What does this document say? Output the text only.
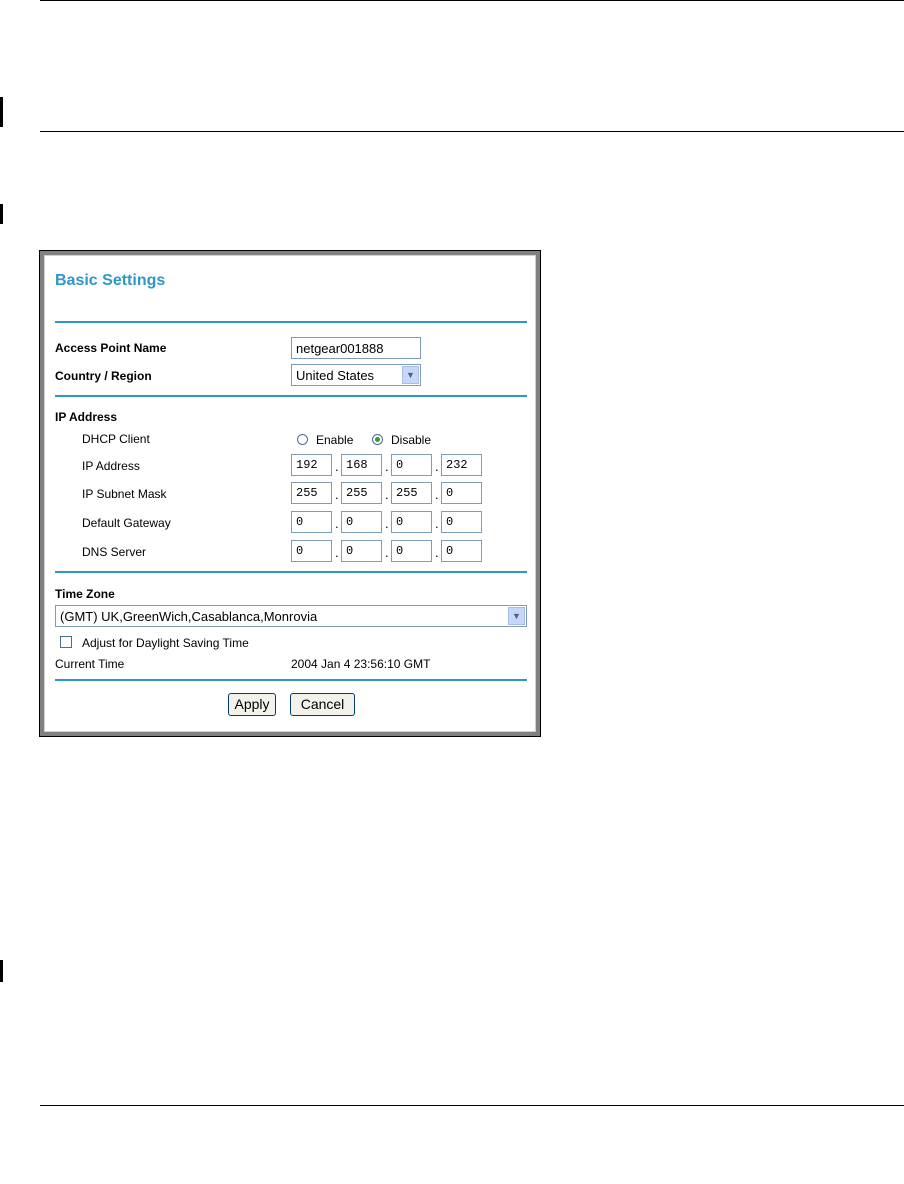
Basic Settings
Access Point Name	netgear001888
Country / Region	United States	▼
IP Address
DHCP Client	Enable	Disable
IP Address	192	. 168	. 0	. 232
IP Subnet Mask	255	. 255	. 255	. 0
Default Gateway	0	. 0	. 0	. 0
DNS Server	0	. 0	. 0	. 0
Time Zone
(GMT) UK,GreenWich,Casablanca,Monrovia	▼
Adjust for Daylight Saving Time
Current Time	2004 Jan 4 23:56:10 GMT
Apply	Cancel
